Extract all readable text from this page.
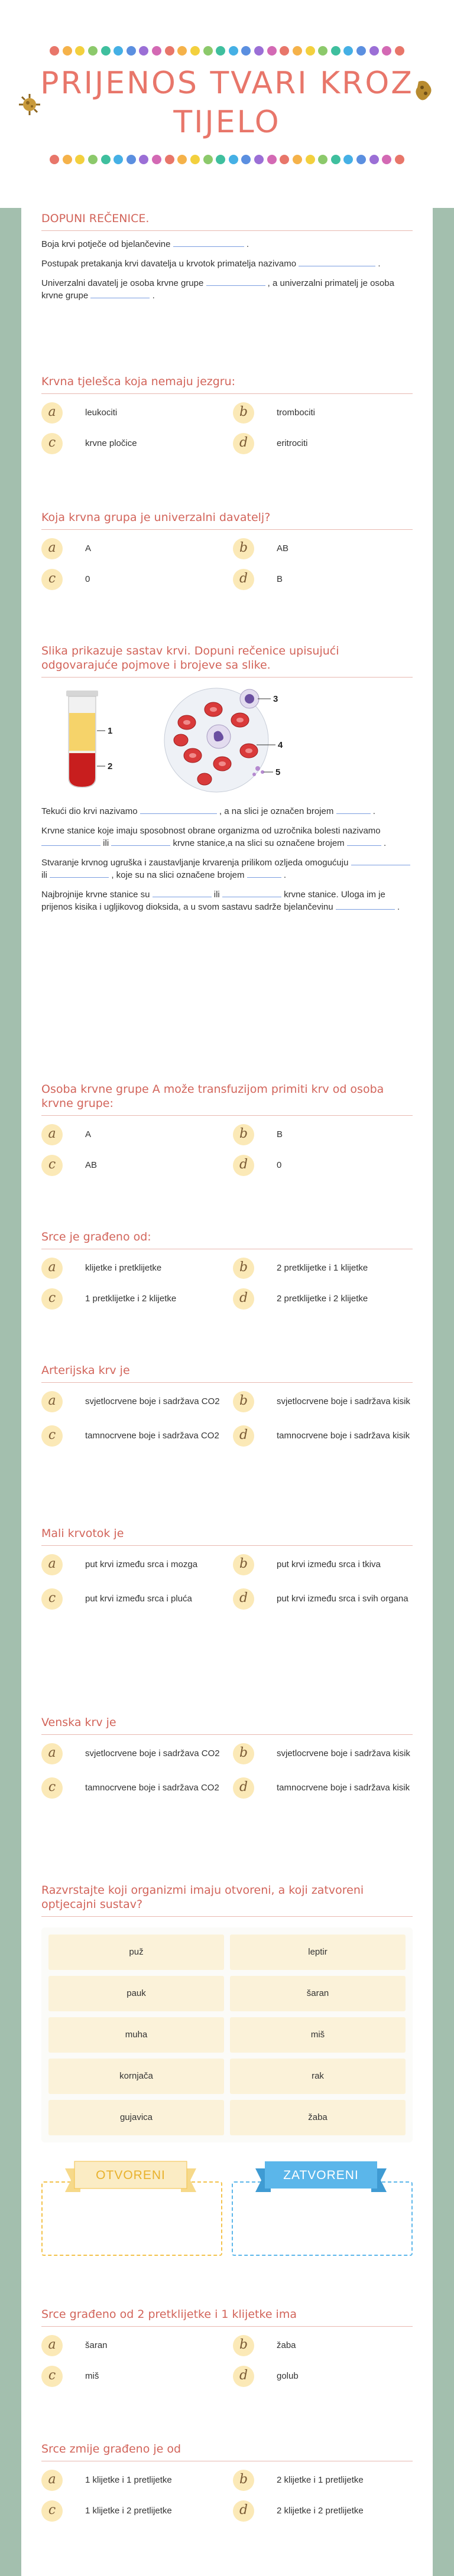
PRIJENOS TVARI KROZ
TIJELO
DOPUNI REČENICE.
Boja krvi potječe od bjelančevine	.
Postupak pretakanja krvi davatelja u krvotok primatelja nazivamo	.
Univerzalni davatelj je osoba krvne grupe	, a univerzalni primatelj je osoba krvne grupe	.
Krvna tjelešca koja nemaju jezgru:
a	leukociti	b	trombociti
c	krvne pločice	d	eritrociti
Koja krvna grupa je univerzalni davatelj?
a	A	b	AB
c	0	d	B
Slika prikazuje sastav krvi. Dopuni rečenice upisujući odgovarajuće pojmove i brojeve sa slike.
1
2
3
4
5
Tekući dio krvi nazivamo	, a na slici je označen brojem	.
Krvne stanice koje imaju sposobnost obrane organizma od uzročnika bolesti nazivamo  ili	krvne stanice,a na slici su označene brojem	.
Stvaranje krvnog ugruška i zaustavljanje krvarenja prilikom ozljeda omogućuju  ili	, koje su na slici označene brojem	.
Najbrojnije krvne stanice su	ili	krvne stanice. Uloga im je prijenos kisika i ugljikovog dioksida, a u svom sastavu sadrže bjelančevinu	.
Osoba krvne grupe A može transfuzijom primiti krv od osoba krvne grupe:
a	A	b	B
c	AB	d	0
Srce je građeno od:
a	klijetke i pretklijetke	b	2 pretklijetke i 1 klijetke
c	1 pretklijetke i 2 klijetke	d	2 pretklijetke i 2 klijetke
Arterijska krv je
a	svjetlocrvene boje i sadržava CO2	b	svjetlocrvene boje i sadržava kisik
c	tamnocrvene boje i sadržava CO2	d	tamnocrvene boje i sadržava kisik
Mali krvotok je
a	put krvi između srca i mozga	b	put krvi između srca i tkiva
c	put krvi između srca i pluća	d	put krvi između srca i svih organa
Venska krv je
a	svjetlocrvene boje i sadržava CO2	b	svjetlocrvene boje i sadržava kisik
c	tamnocrvene boje i sadržava CO2	d	tamnocrvene boje i sadržava kisik
Razvrstajte koji organizmi imaju otvoreni, a koji zatvoreni optjecajni sustav?
puž	leptir
pauk	šaran
muha	miš
kornjača	rak
gujavica	žaba
OTVORENI	ZATVORENI
Srce građeno od 2 pretklijetke i 1 klijetke ima
a	šaran	b	žaba
c	miš	d	golub
Srce zmije građeno je od
a	1 klijetke i 1 pretlijetke	b	2 klijetke i 1 pretlijetke
c	1 klijetke i 2 pretlijetke	d	2 klijetke i 2 pretlijetke
